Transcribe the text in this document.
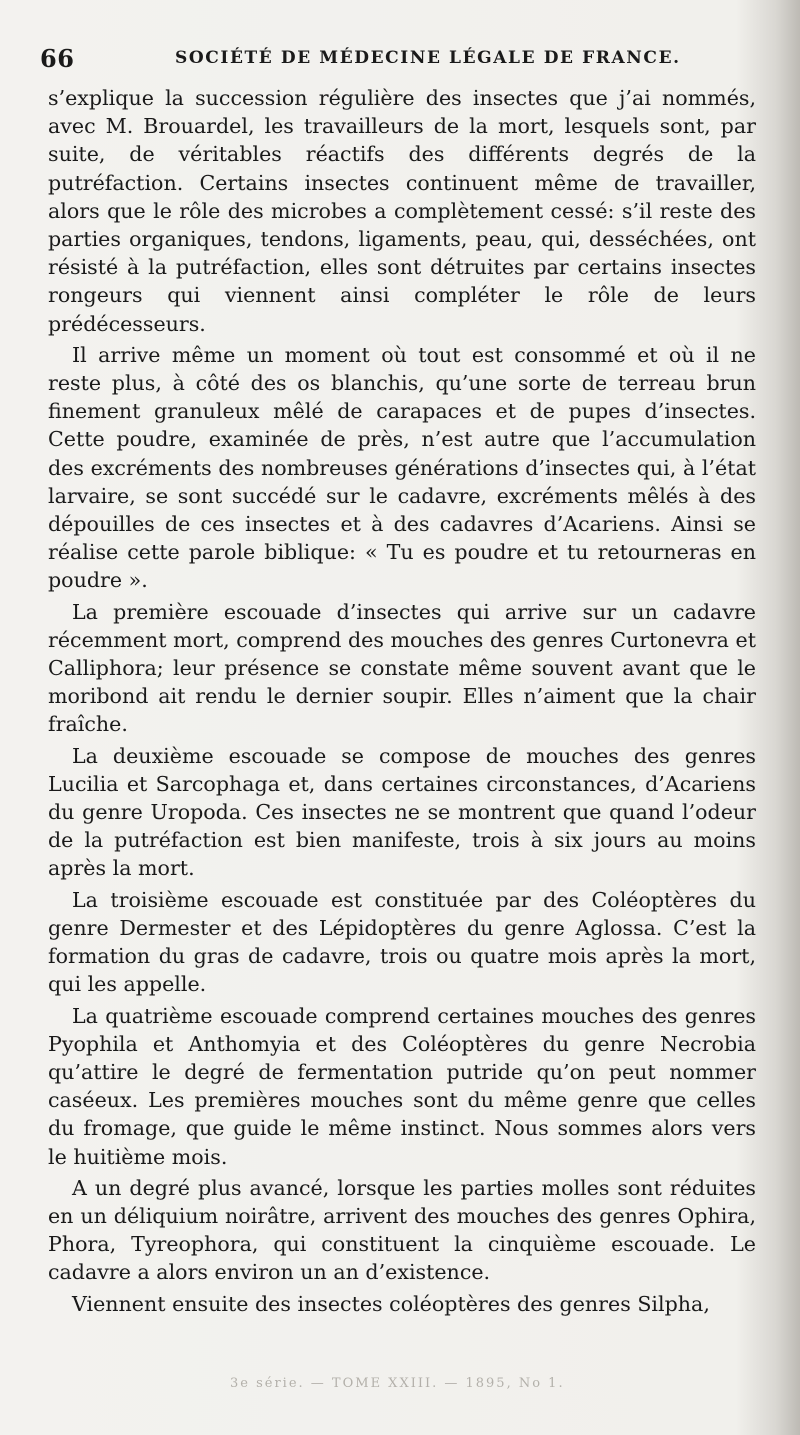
66	SOCIÉTÉ DE MÉDECINE LÉGALE DE FRANCE.

s’explique la succession régulière des insectes que j’ai nommés, avec M. Brouardel, les travailleurs de la mort, lesquels sont, par suite, de véritables réactifs des différents degrés de la putréfaction. Certains insectes continuent même de travailler, alors que le rôle des microbes a complètement cessé: s’il reste des parties organiques, tendons, ligaments, peau, qui, desséchées, ont résisté à la putréfaction, elles sont détruites par certains insectes rongeurs qui viennent ainsi compléter le rôle de leurs prédécesseurs.

Il arrive même un moment où tout est consommé et où il ne reste plus, à côté des os blanchis, qu’une sorte de terreau brun finement granuleux mêlé de carapaces et de pupes d’insectes. Cette poudre, examinée de près, n’est autre que l’accumulation des excréments des nombreuses générations d’insectes qui, à l’état larvaire, se sont succédé sur le cadavre, excréments mêlés à des dépouilles de ces insectes et à des cadavres d’Acariens. Ainsi se réalise cette parole biblique: « Tu es poudre et tu retourneras en poudre ».

La première escouade d’insectes qui arrive sur un cadavre récemment mort, comprend des mouches des genres Curtonevra et Calliphora; leur présence se constate même souvent avant que le moribond ait rendu le dernier soupir. Elles n’aiment que la chair fraîche.

La deuxième escouade se compose de mouches des genres Lucilia et Sarcophaga et, dans certaines circonstances, d’Acariens du genre Uropoda. Ces insectes ne se montrent que quand l’odeur de la putréfaction est bien manifeste, trois à six jours au moins après la mort.

La troisième escouade est constituée par des Coléoptères du genre Dermester et des Lépidoptères du genre Aglossa. C’est la formation du gras de cadavre, trois ou quatre mois après la mort, qui les appelle.

La quatrième escouade comprend certaines mouches des genres Pyophila et Anthomyia et des Coléoptères du genre Necrobia qu’attire le degré de fermentation putride qu’on peut nommer caséeux. Les premières mouches sont du même genre que celles du fromage, que guide le même instinct. Nous sommes alors vers le huitième mois.

A un degré plus avancé, lorsque les parties molles sont réduites en un déliquium noirâtre, arrivent des mouches des genres Ophira, Phora, Tyreophora, qui constituent la cinquième escouade. Le cadavre a alors environ un an d’existence.

Viennent ensuite des insectes coléoptères des genres Silpha,

3e série. — TOME XXIII. — 1895, No 1.
